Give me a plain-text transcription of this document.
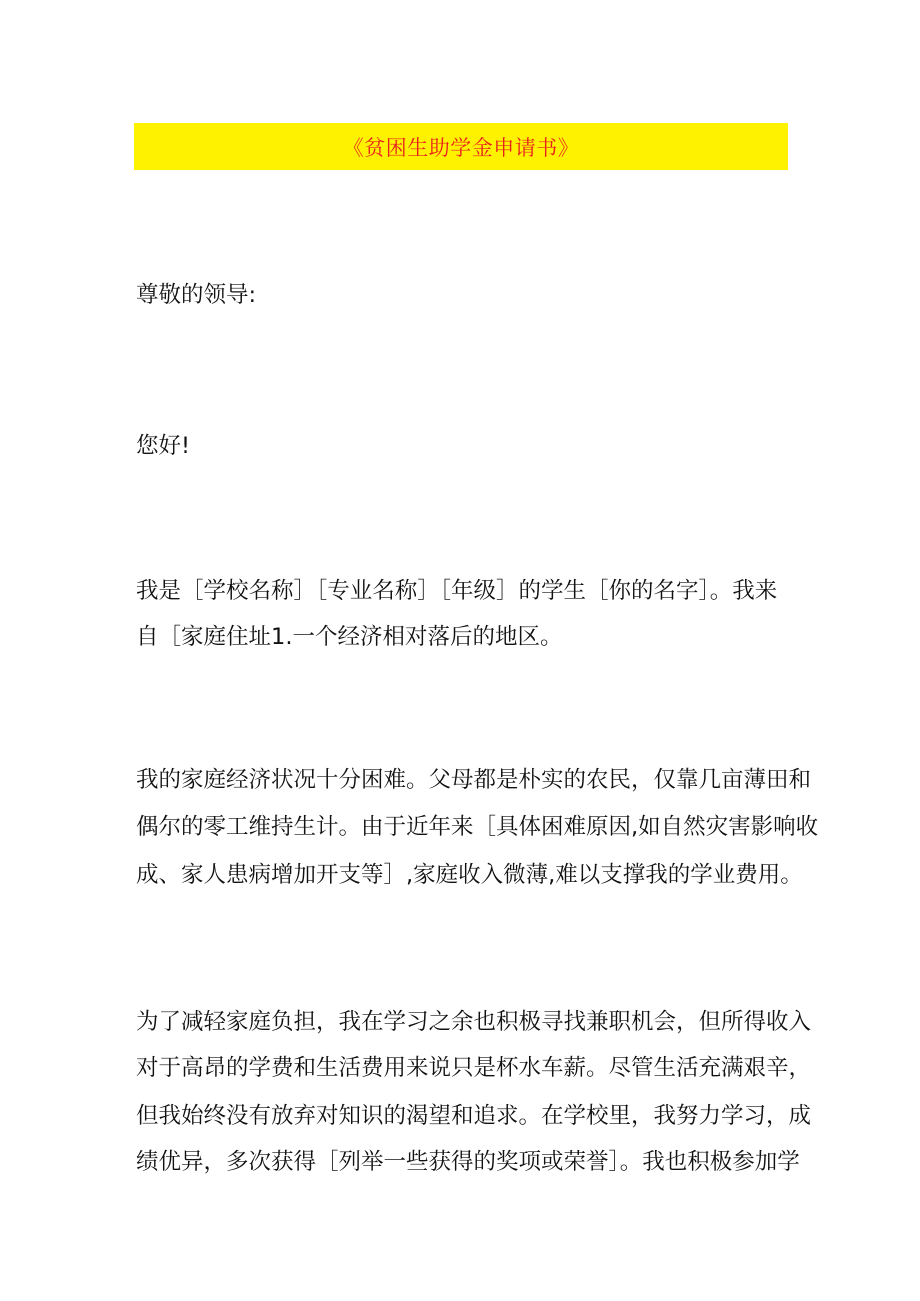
《贫困生助学金申请书》
尊敬的领导:
您好!
我是［学校名称］［专业名称］［年级］的学生［你的名字］。我来
自［家庭住址1.一个经济相对落后的地区。
我的家庭经济状况十分困难。父母都是朴实的农民，仅靠几亩薄田和
偶尔的零工维持生计。由于近年来［具体困难原因,如自然灾害影响收
成、家人患病增加开支等］,家庭收入微薄,难以支撑我的学业费用。
为了减轻家庭负担，我在学习之余也积极寻找兼职机会，但所得收入
对于高昂的学费和生活费用来说只是杯水车薪。尽管生活充满艰辛，
但我始终没有放弃对知识的渴望和追求。在学校里，我努力学习，成
绩优异，多次获得［列举一些获得的奖项或荣誉］。我也积极参加学
